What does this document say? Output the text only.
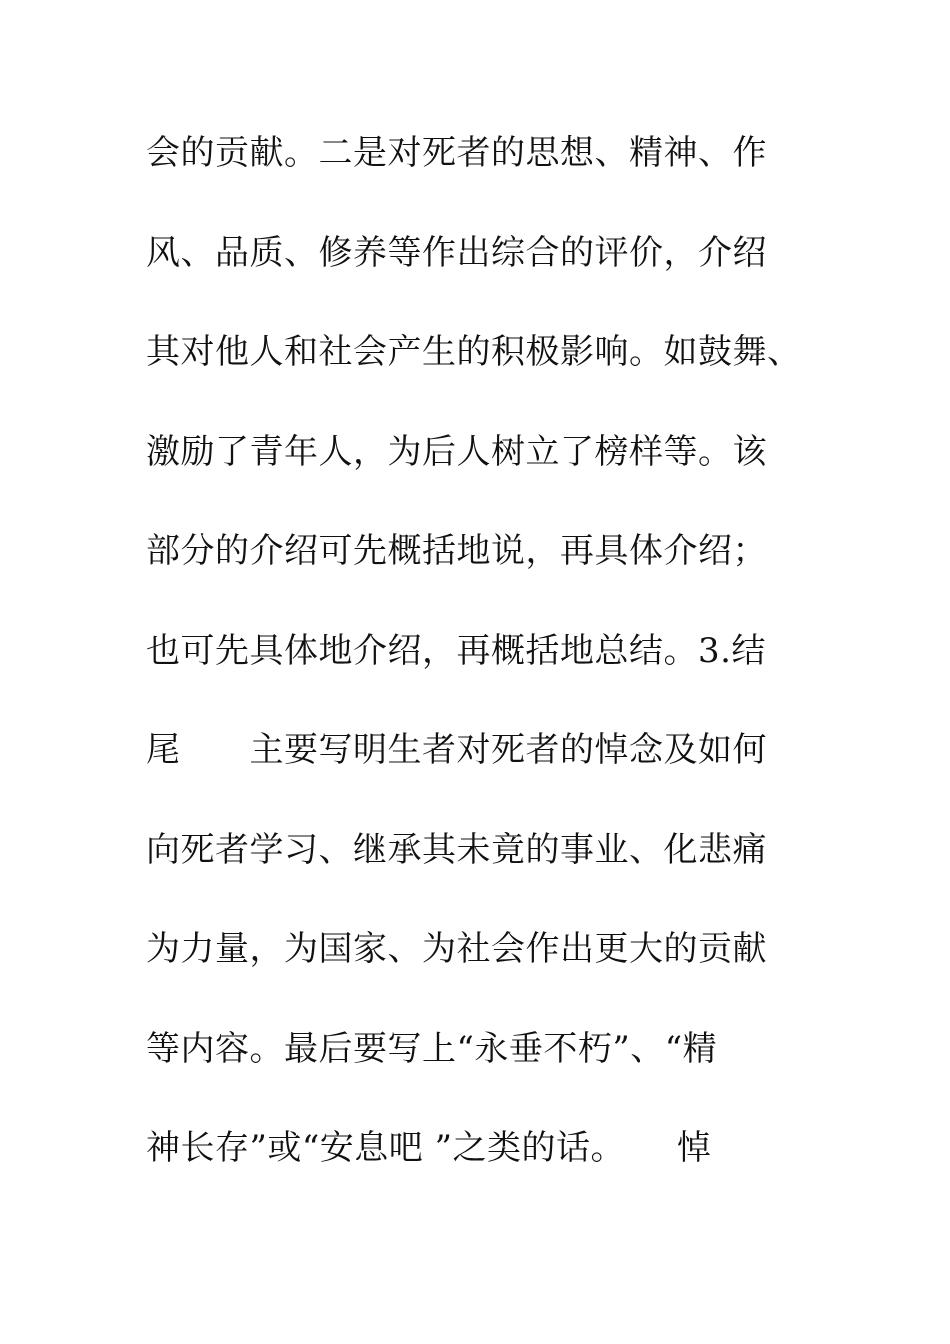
会的贡献。二是对死者的思想、精神、作
风、品质、修养等作出综合的评价，介绍
其对他人和社会产生的积极影响。如鼓舞、
激励了青年人，为后人树立了榜样等。该
部分的介绍可先概括地说，再具体介绍；
也可先具体地介绍，再概括地总结。3.结
尾　　主要写明生者对死者的悼念及如何
向死者学习、继承其未竟的事业、化悲痛
为力量，为国家、为社会作出更大的贡献
等内容。最后要写上“永垂不朽”、“精
神长存”或“安息吧 ”之类的话。　　悼
